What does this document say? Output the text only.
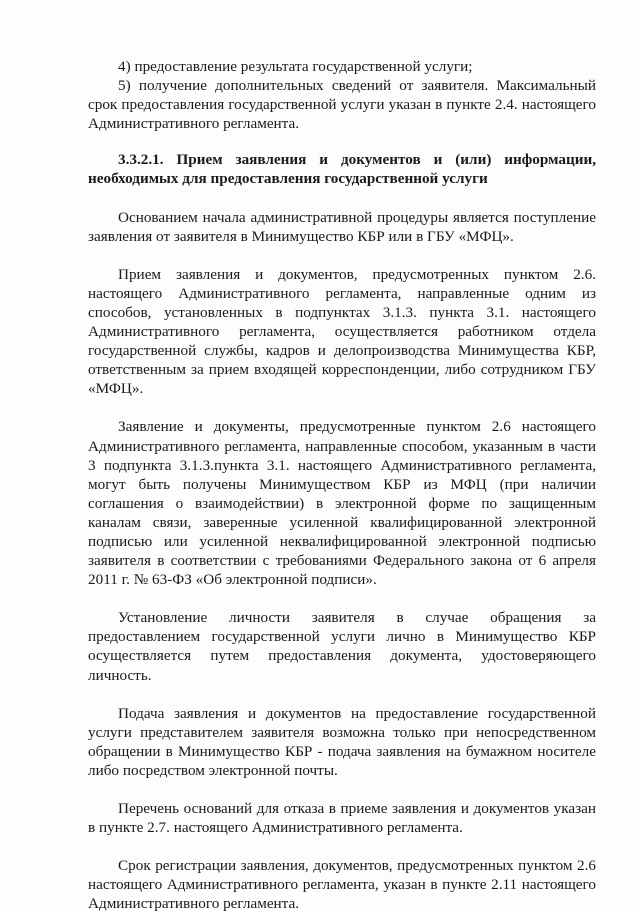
4) предоставление результата государственной услуги;

5) получение дополнительных сведений от заявителя. Максимальный срок предоставления государственной услуги указан в пункте 2.4. настоящего Административного регламента.

3.3.2.1. Прием заявления и документов и (или) информации, необходимых для предоставления государственной услуги

Основанием начала административной процедуры является поступление заявления от заявителя в Минимущество КБР или в ГБУ «МФЦ».

Прием заявления и документов, предусмотренных пунктом 2.6. настоящего Административного регламента, направленные одним из способов, установленных в подпунктах 3.1.3. пункта 3.1. настоящего Административного регламента, осуществляется работником отдела государственной службы, кадров и делопроизводства Минимущества КБР, ответственным за прием входящей корреспонденции, либо сотрудником ГБУ «МФЦ».

Заявление и документы, предусмотренные пунктом 2.6 настоящего Административного регламента, направленные способом, указанным в части 3 подпункта 3.1.3.пункта 3.1. настоящего Административного регламента, могут быть получены Минимуществом КБР из МФЦ (при наличии соглашения о взаимодействии) в электронной форме по защищенным каналам связи, заверенные усиленной квалифицированной электронной подписью или усиленной неквалифицированной электронной подписью заявителя в соответствии с требованиями Федерального закона от 6 апреля 2011 г. № 63-ФЗ «Об электронной подписи».

Установление личности заявителя в случае обращения за предоставлением государственной услуги лично в Минимущество КБР осуществляется путем предоставления документа, удостоверяющего личность.

Подача заявления и документов на предоставление государственной услуги представителем заявителя возможна только при непосредственном обращении в Минимущество КБР - подача заявления на бумажном носителе либо посредством электронной почты.

Перечень оснований для отказа в приеме заявления и документов указан в пункте 2.7. настоящего Административного регламента.

Срок регистрации заявления, документов, предусмотренных пунктом 2.6 настоящего Административного регламента, указан в пункте 2.11 настоящего Административного регламента.
